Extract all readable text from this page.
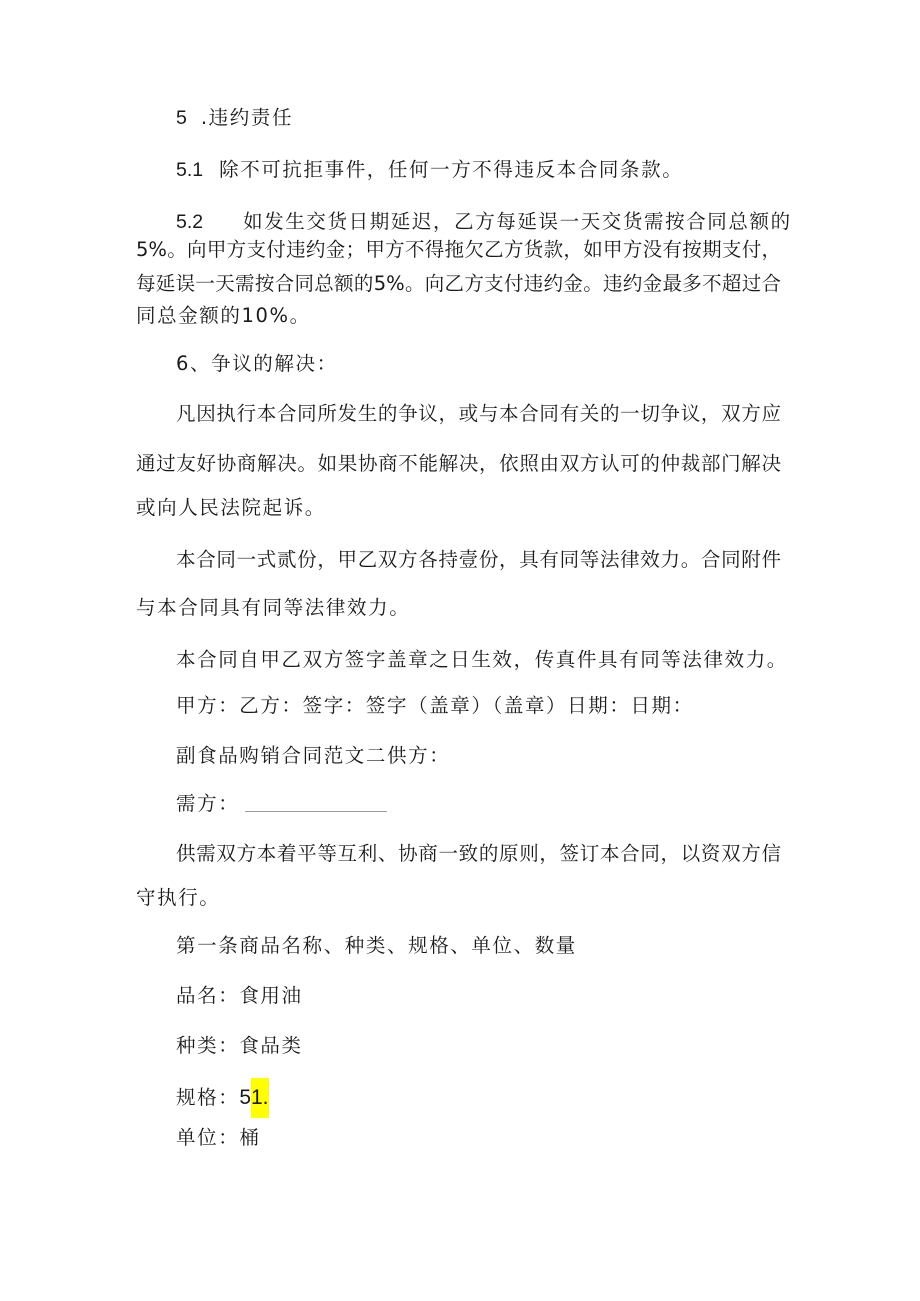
5 .违约责任
5.1 除不可抗拒事件，任何一方不得违反本合同条款。
5.2 如发生交货日期延迟，乙方每延误一天交货需按合同总额的
5%。向甲方支付违约金；甲方不得拖欠乙方货款，如甲方没有按期支付，
每延误一天需按合同总额的5%。向乙方支付违约金。违约金最多不超过合
同总金额的10%。
6、争议的解决：
凡因执行本合同所发生的争议，或与本合同有关的一切争议，双方应
通过友好协商解决。如果协商不能解决，依照由双方认可的仲裁部门解决
或向人民法院起诉。
本合同一式贰份，甲乙双方各持壹份，具有同等法律效力。合同附件
与本合同具有同等法律效力。
本合同自甲乙双方签字盖章之日生效，传真件具有同等法律效力。
甲方：乙方：签字：签字（盖章）（盖章）日期：日期：
副食品购销合同范文二供方：
需方：
供需双方本着平等互利、协商一致的原则，签订本合同，以资双方信
守执行。
第一条商品名称、种类、规格、单位、数量
品名：食用油
种类：食品类
规格：51.
单位：桶
